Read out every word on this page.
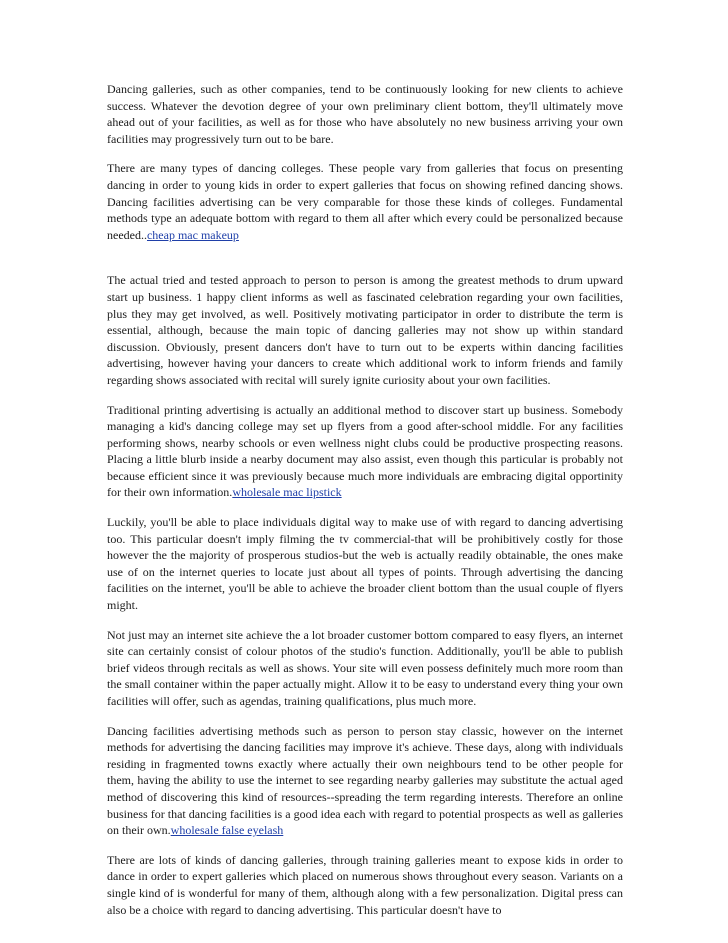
Dancing galleries, such as other companies, tend to be continuously looking for new clients to achieve success. Whatever the devotion degree of your own preliminary client bottom, they'll ultimately move ahead out of your facilities, as well as for those who have absolutely no new business arriving your own facilities may progressively turn out to be bare.

There are many types of dancing colleges. These people vary from galleries that focus on presenting dancing in order to young kids in order to expert galleries that focus on showing refined dancing shows. Dancing facilities advertising can be very comparable for those these kinds of colleges. Fundamental methods type an adequate bottom with regard to them all after which every could be personalized because needed..cheap mac makeup

The actual tried and tested approach to person to person is among the greatest methods to drum upward start up business. 1 happy client informs as well as fascinated celebration regarding your own facilities, plus they may get involved, as well. Positively motivating participator in order to distribute the term is essential, although, because the main topic of dancing galleries may not show up within standard discussion. Obviously, present dancers don't have to turn out to be experts within dancing facilities advertising, however having your dancers to create which additional work to inform friends and family regarding shows associated with recital will surely ignite curiosity about your own facilities.

Traditional printing advertising is actually an additional method to discover start up business. Somebody managing a kid's dancing college may set up flyers from a good after-school middle. For any facilities performing shows, nearby schools or even wellness night clubs could be productive prospecting reasons. Placing a little blurb inside a nearby document may also assist, even though this particular is probably not because efficient since it was previously because much more individuals are embracing digital opportinity for their own information.wholesale mac lipstick

Luckily, you'll be able to place individuals digital way to make use of with regard to dancing advertising too. This particular doesn't imply filming the tv commercial-that will be prohibitively costly for those however the the majority of prosperous studios-but the web is actually readily obtainable, the ones make use of on the internet queries to locate just about all types of points. Through advertising the dancing facilities on the internet, you'll be able to achieve the broader client bottom than the usual couple of flyers might.

Not just may an internet site achieve the a lot broader customer bottom compared to easy flyers, an internet site can certainly consist of colour photos of the studio's function. Additionally, you'll be able to publish brief videos through recitals as well as shows. Your site will even possess definitely much more room than the small container within the paper actually might. Allow it to be easy to understand every thing your own facilities will offer, such as agendas, training qualifications, plus much more.

Dancing facilities advertising methods such as person to person stay classic, however on the internet methods for advertising the dancing facilities may improve it's achieve. These days, along with individuals residing in fragmented towns exactly where actually their own neighbours tend to be other people for them, having the ability to use the internet to see regarding nearby galleries may substitute the actual aged method of discovering this kind of resources--spreading the term regarding interests. Therefore an online business for that dancing facilities is a good idea each with regard to potential prospects as well as galleries on their own.wholesale false eyelash

There are lots of kinds of dancing galleries, through training galleries meant to expose kids in order to dance in order to expert galleries which placed on numerous shows throughout every season. Variants on a single kind of is wonderful for many of them, although along with a few personalization. Digital press can also be a choice with regard to dancing advertising. This particular doesn't have to
